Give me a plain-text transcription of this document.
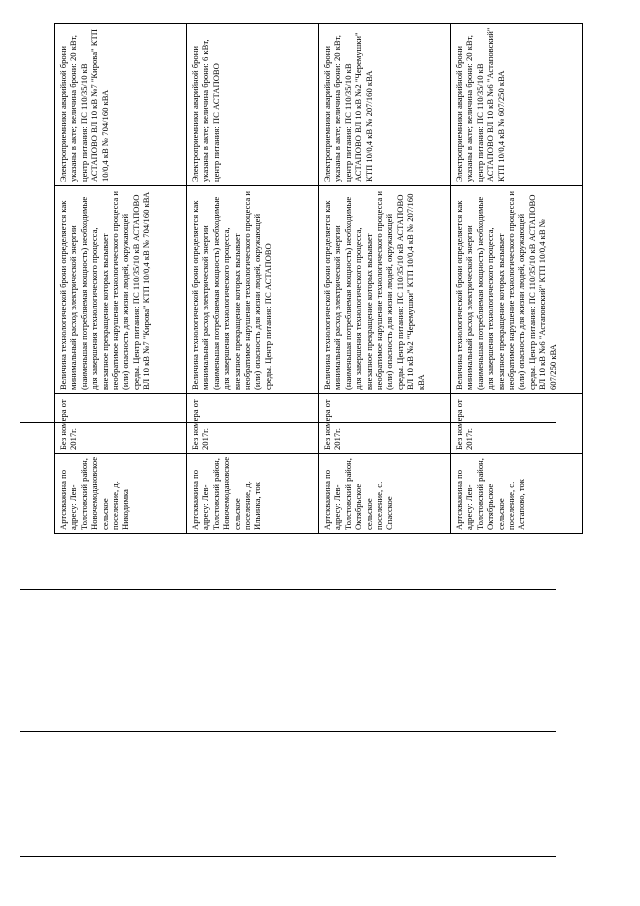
Артскважина по адресу: Лев-Толстовский район, Новочемодановское сельское поселение, д. Никодимка	Без номера от 2017г.	Величина технологической брони определяется как минимальный расход электрической энергии (наименьшая потребляемая мощность) необходимые для завершения технологического процесса, внезапное прекращение которых вызывает необратимое нарушение технологического процесса и (или) опасность для жизни людей, окружающей среды. Центр питания: ПС 110/35/10 кВ АСТАПОВО ВЛ 10 кВ №7 "Кирова" КТП 10/0,4 кВ № 704/160 кВА	Электроприемники аварийной брони указаны в акте; величина брони: 20 кВт, центр питания: ПС 110/35/10 кВ АСТАПОВО ВЛ 10 кВ №7 "Кирова" КТП 10/0,4 кВ № 704/160 кВА
Артскважина по адресу: Лев-Толстовский район, Новочемодановское сельское поселение, д. Ильинка, ток	Без номера от 2017г.	Величина технологической брони определяется как минимальный расход электрической энергии (наименьшая потребляемая мощность) необходимые для завершения технологического процесса, внезапное прекращение которых вызывает необратимое нарушение технологического процесса и (или) опасность для жизни людей, окружающей среды. Центр питания: ПС АСТАПОВО	Электроприемники аварийной брони указаны в акте; величина брони: 6 кВт, центр питания: ПС АСТАПОВО
Артскважина по адресу: Лев-Толстовский район, Октябрьское сельское поселение, с. Спасское	Без номера от 2017г.	Величина технологической брони определяется как минимальный расход электрической энергии (наименьшая потребляемая мощность) необходимые для завершения технологического процесса, внезапное прекращение которых вызывает необратимое нарушение технологического процесса и (или) опасность для жизни людей, окружающей среды. Центр питания: ПС 110/35/10 кВ АСТАПОВО ВЛ 10 кВ №2 "Черемушки" КТП 10/0,4 кВ № 207/160 кВА	Электроприемники аварийной брони указаны в акте; величина брони: 20 кВт, центр питания: ПС 110/35/10 кВ АСТАПОВО ВЛ 10 кВ №2 "Черемушки" КТП 10/0,4 кВ № 207/160 кВА
Артскважина по адресу: Лев-Толстовский район, Октябрьское сельское поселение, с. Астапово, ток	Без номера от 2017г.	Величина технологической брони определяется как минимальный расход электрической энергии (наименьшая потребляемая мощность) необходимые для завершения технологического процесса, внезапное прекращение которых вызывает необратимое нарушение технологического процесса и (или) опасность для жизни людей, окружающей среды. Центр питания: ПС 110/35/10 кВ АСТАПОВО ВЛ 10 кВ №6 "Астаповский" КТП 10/0,4 кВ № 607/250 кВА	Электроприемники аварийной брони указаны в акте; величина брони: 20 кВт, центр питания: ПС 110/35/10 кВ АСТАПОВО ВЛ 10 кВ №6 "Астаповский" КТП 10/0,4 кВ № 607/250 кВА
